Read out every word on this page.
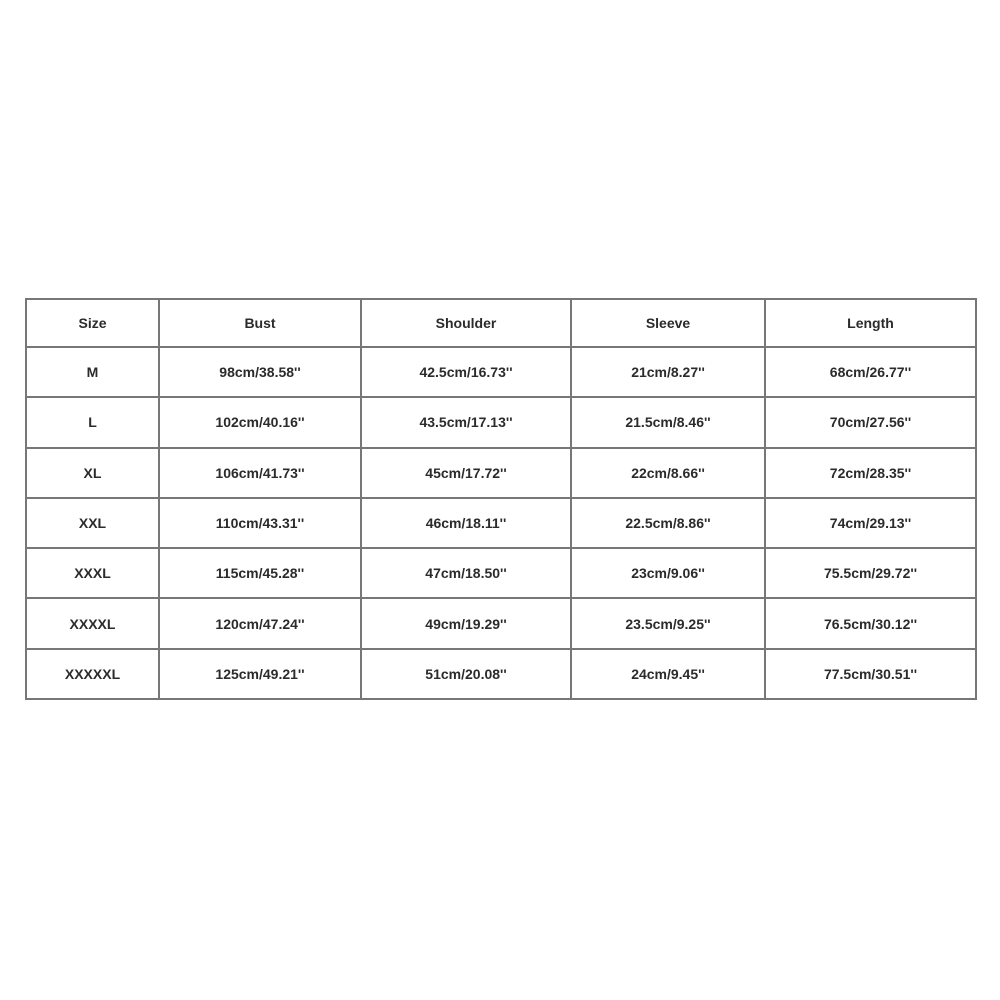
Size	Bust	Shoulder	Sleeve	Length
M	98cm/38.58''	42.5cm/16.73''	21cm/8.27''	68cm/26.77''
L	102cm/40.16''	43.5cm/17.13''	21.5cm/8.46''	70cm/27.56''
XL	106cm/41.73''	45cm/17.72''	22cm/8.66''	72cm/28.35''
XXL	110cm/43.31''	46cm/18.11''	22.5cm/8.86''	74cm/29.13''
XXXL	115cm/45.28''	47cm/18.50''	23cm/9.06''	75.5cm/29.72''
XXXXL	120cm/47.24''	49cm/19.29''	23.5cm/9.25''	76.5cm/30.12''
XXXXXL	125cm/49.21''	51cm/20.08''	24cm/9.45''	77.5cm/30.51''
